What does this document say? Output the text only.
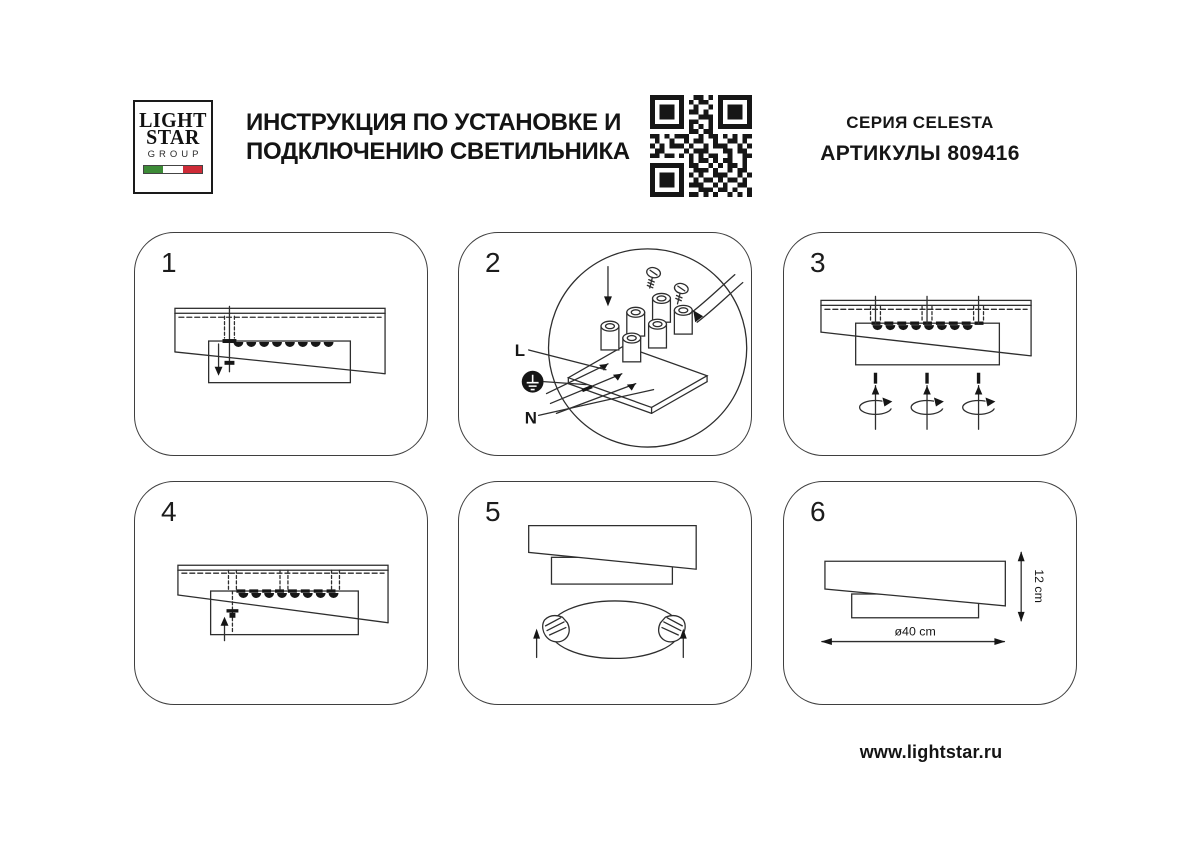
LIGHT
STAR
GROUP
ИНСТРУКЦИЯ ПО УСТАНОВКЕ И
ПОДКЛЮЧЕНИЮ СВЕТИЛЬНИКА
СЕРИЯ CELESTA
АРТИКУЛЫ 809416
1	2
L
N
3
4	5	6
12 cm
ø40 cm
www.lightstar.ru
